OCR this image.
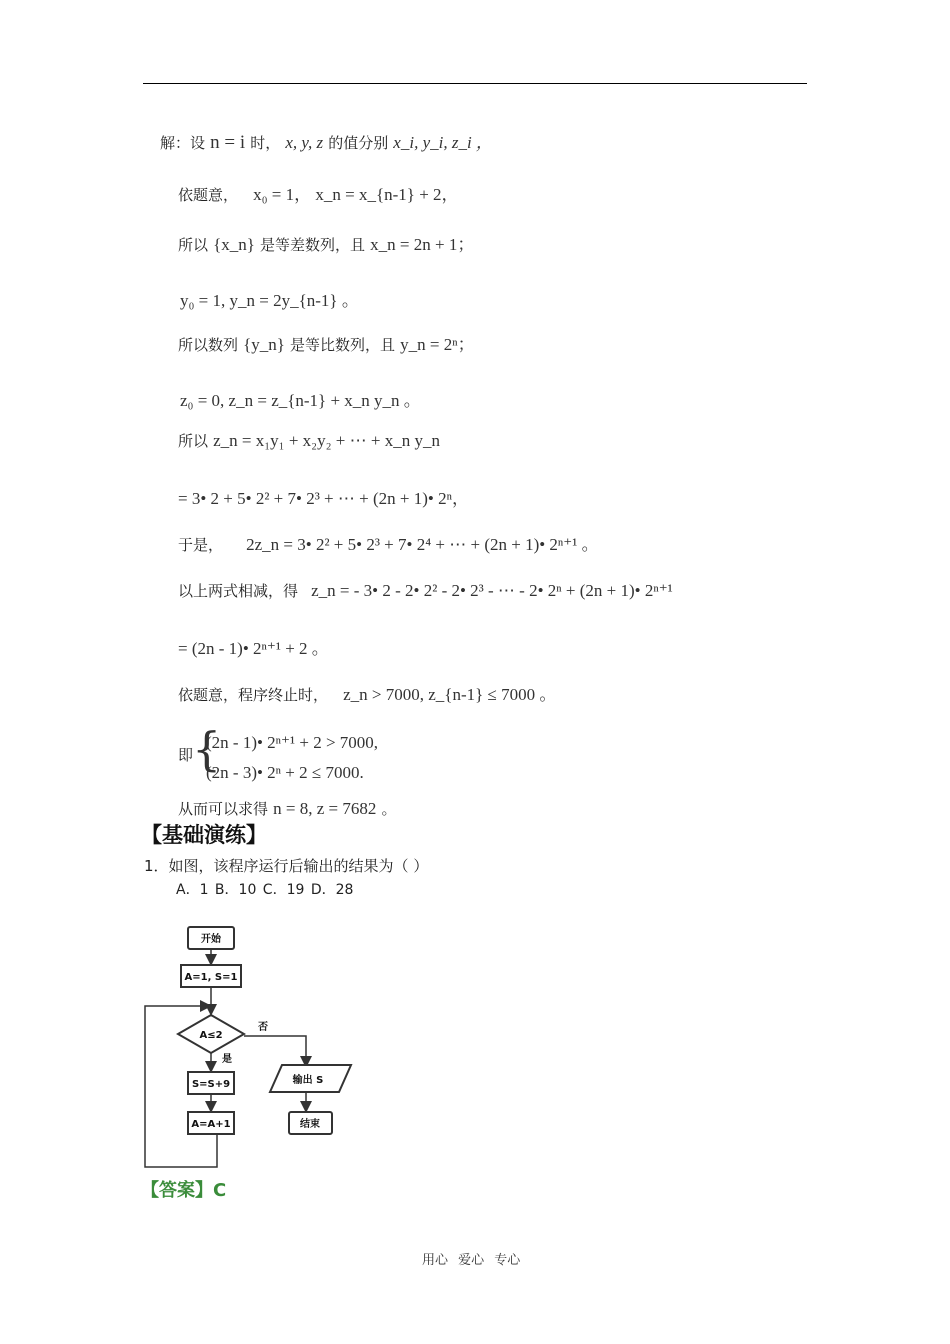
解：设 n = i 时， x, y, z 的值分别 x_i, y_i, z_i ，
依题意， x₀ = 1， x_n = x_{n-1} + 2，
所以 {x_n} 是等差数列，且 x_n = 2n + 1；
y₀ = 1, y_n = 2y_{n-1} 。
所以数列 {y_n} 是等比数列，且 y_n = 2ⁿ；
z₀ = 0, z_n = z_{n-1} + x_n y_n 。
所以 z_n = x₁y₁ + x₂y₂ + ⋯ + x_n y_n
= 3• 2 + 5• 2² + 7• 2³ + ⋯ + (2n + 1)• 2ⁿ，
于是， 2z_n = 3• 2² + 5• 2³ + 7• 2⁴ + ⋯ + (2n + 1)• 2ⁿ⁺¹ 。
以上两式相减，得 z_n = - 3• 2 - 2• 2² - 2• 2³ - ⋯ - 2• 2ⁿ + (2n + 1)• 2ⁿ⁺¹
= (2n - 1)• 2ⁿ⁺¹ + 2 。
依题意，程序终止时， z_n > 7000, z_{n-1} ≤ 7000 。
即
{
(2n - 1)• 2ⁿ⁺¹ + 2 > 7000,
(2n - 3)• 2ⁿ + 2 ≤ 7000.
从而可以求得 n = 8, z = 7682 。
【基础演练】
1．如图，该程序运行后输出的结果为（ ）
A．1 B．10 C．19 D．28
开始
A=1, S=1
A≤2
否
是
S=S+9
A=A+1
输出 S
结束
【答案】C
用心 爱心 专心
